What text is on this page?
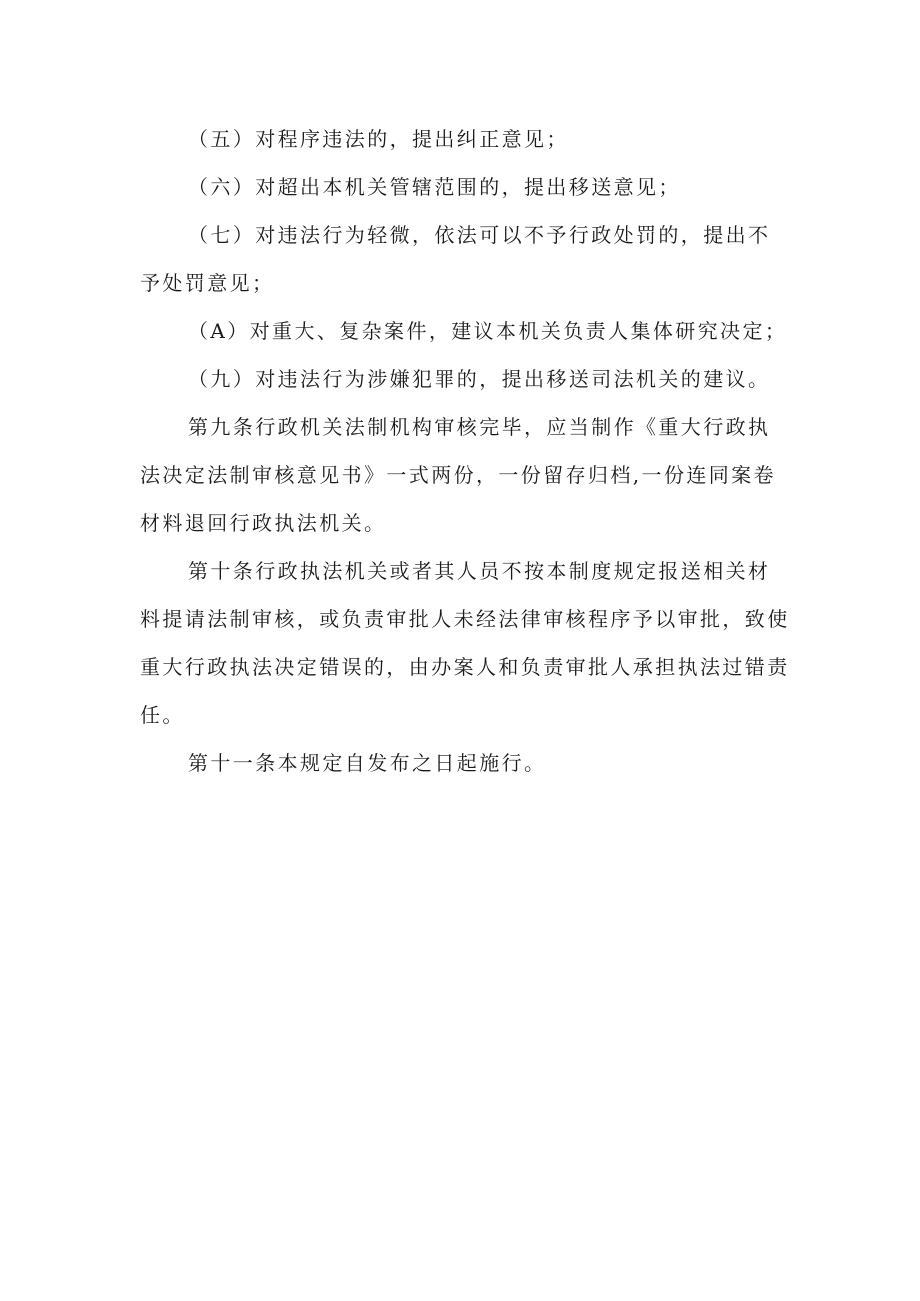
（五）对程序违法的，提出纠正意见；

（六）对超出本机关管辖范围的，提出移送意见；

（七）对违法行为轻微，依法可以不予行政处罚的，提出不予处罚意见；

（A）对重大、复杂案件，建议本机关负责人集体研究决定；

（九）对违法行为涉嫌犯罪的，提出移送司法机关的建议。

第九条行政机关法制机构审核完毕，应当制作《重大行政执法决定法制审核意见书》一式两份，一份留存归档,一份连同案卷材料退回行政执法机关。

第十条行政执法机关或者其人员不按本制度规定报送相关材料提请法制审核，或负责审批人未经法律审核程序予以审批，致使重大行政执法决定错误的，由办案人和负责审批人承担执法过错责任。

第十一条本规定自发布之日起施行。
